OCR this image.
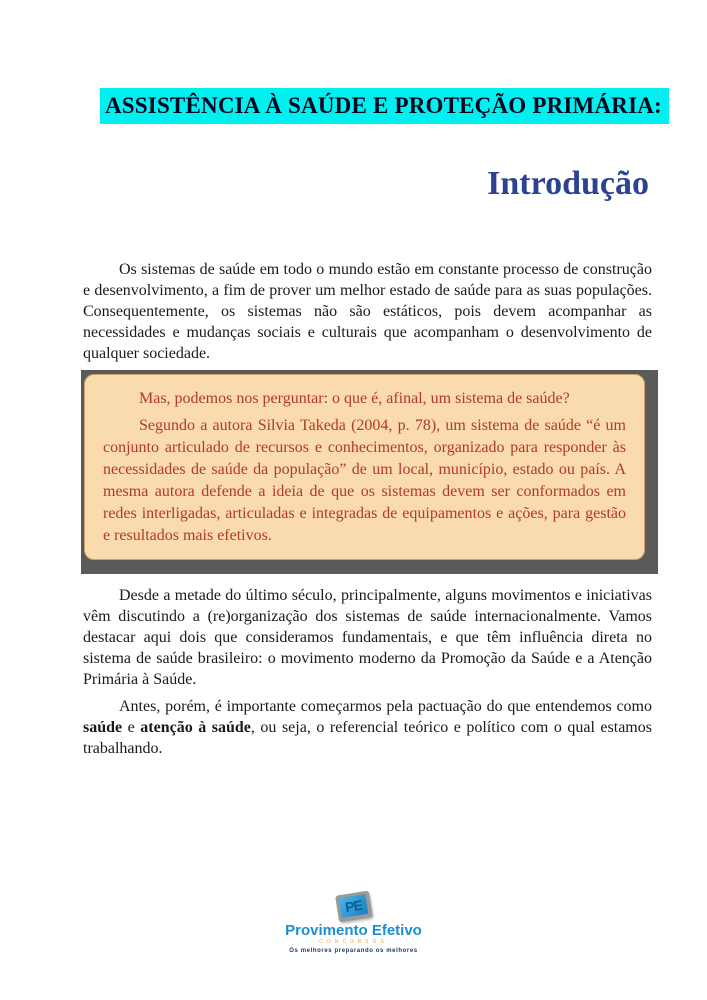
ASSISTÊNCIA À SAÚDE E PROTEÇÃO PRIMÁRIA:
Introdução

Os sistemas de saúde em todo o mundo estão em constante processo de construção e desenvolvimento, a fim de prover um melhor estado de saúde para as suas populações. Consequentemente, os sistemas não são estáticos, pois devem acompanhar as necessidades e mudanças sociais e culturais que acompanham o desenvolvimento de qualquer sociedade.

Mas, podemos nos perguntar: o que é, afinal, um sistema de saúde?

Segundo a autora Silvia Takeda (2004, p. 78), um sistema de saúde “é um conjunto articulado de recursos e conhecimentos, organizado para responder às necessidades de saúde da população” de um local, município, estado ou país. A mesma autora defende a ideia de que os sistemas devem ser conformados em redes interligadas, articuladas e integradas de equipamentos e ações, para gestão e resultados mais efetivos.

Desde a metade do último século, principalmente, alguns movimentos e iniciativas vêm discutindo a (re)organização dos sistemas de saúde internacionalmente. Vamos destacar aqui dois que consideramos fundamentais, e que têm influência direta no sistema de saúde brasileiro: o movimento moderno da Promoção da Saúde e a Atenção Primária à Saúde.

Antes, porém, é importante começarmos pela pactuação do que entendemos como saúde e atenção à saúde, ou seja, o referencial teórico e político com o qual estamos trabalhando.

PE
Provimento Efetivo
CONCURSOS
Os melhores preparando os melhores
